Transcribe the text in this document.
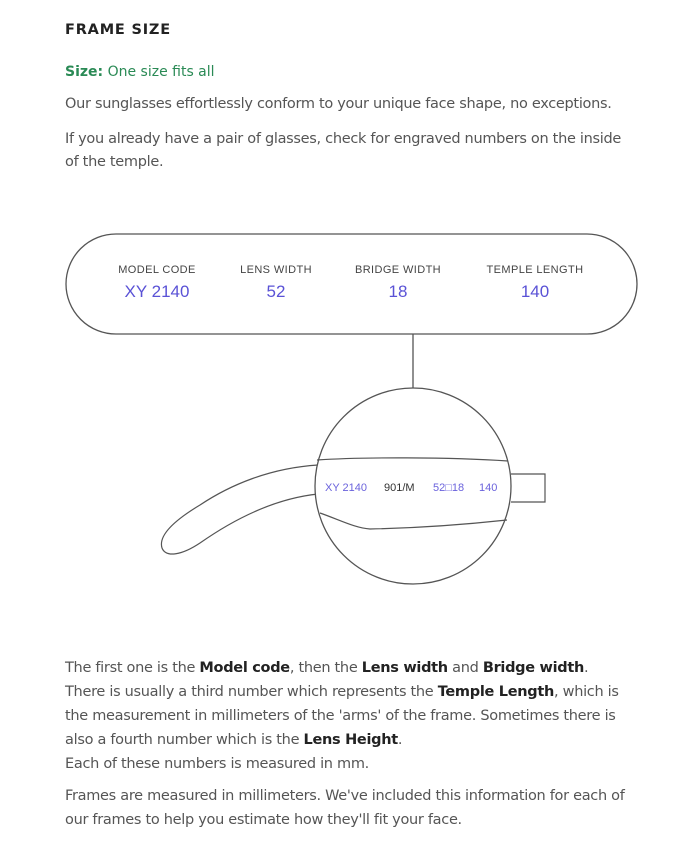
FRAME SIZE
Size: One size fits all
Our sunglasses effortlessly conform to your unique face shape, no exceptions.
If you already have a pair of glasses, check for engraved numbers on the inside of the temple.
MODEL CODE
XY 2140
LENS WIDTH
52
BRIDGE WIDTH
18
TEMPLE LENGTH
140
XY 2140 901/M 52□18 140
The first one is the Model code, then the Lens width and Bridge width.
There is usually a third number which represents the Temple Length, which is the measurement in millimeters of the 'arms' of the frame. Sometimes there is also a fourth number which is the Lens Height.
Each of these numbers is measured in mm.
Frames are measured in millimeters. We've included this information for each of our frames to help you estimate how they'll fit your face.
